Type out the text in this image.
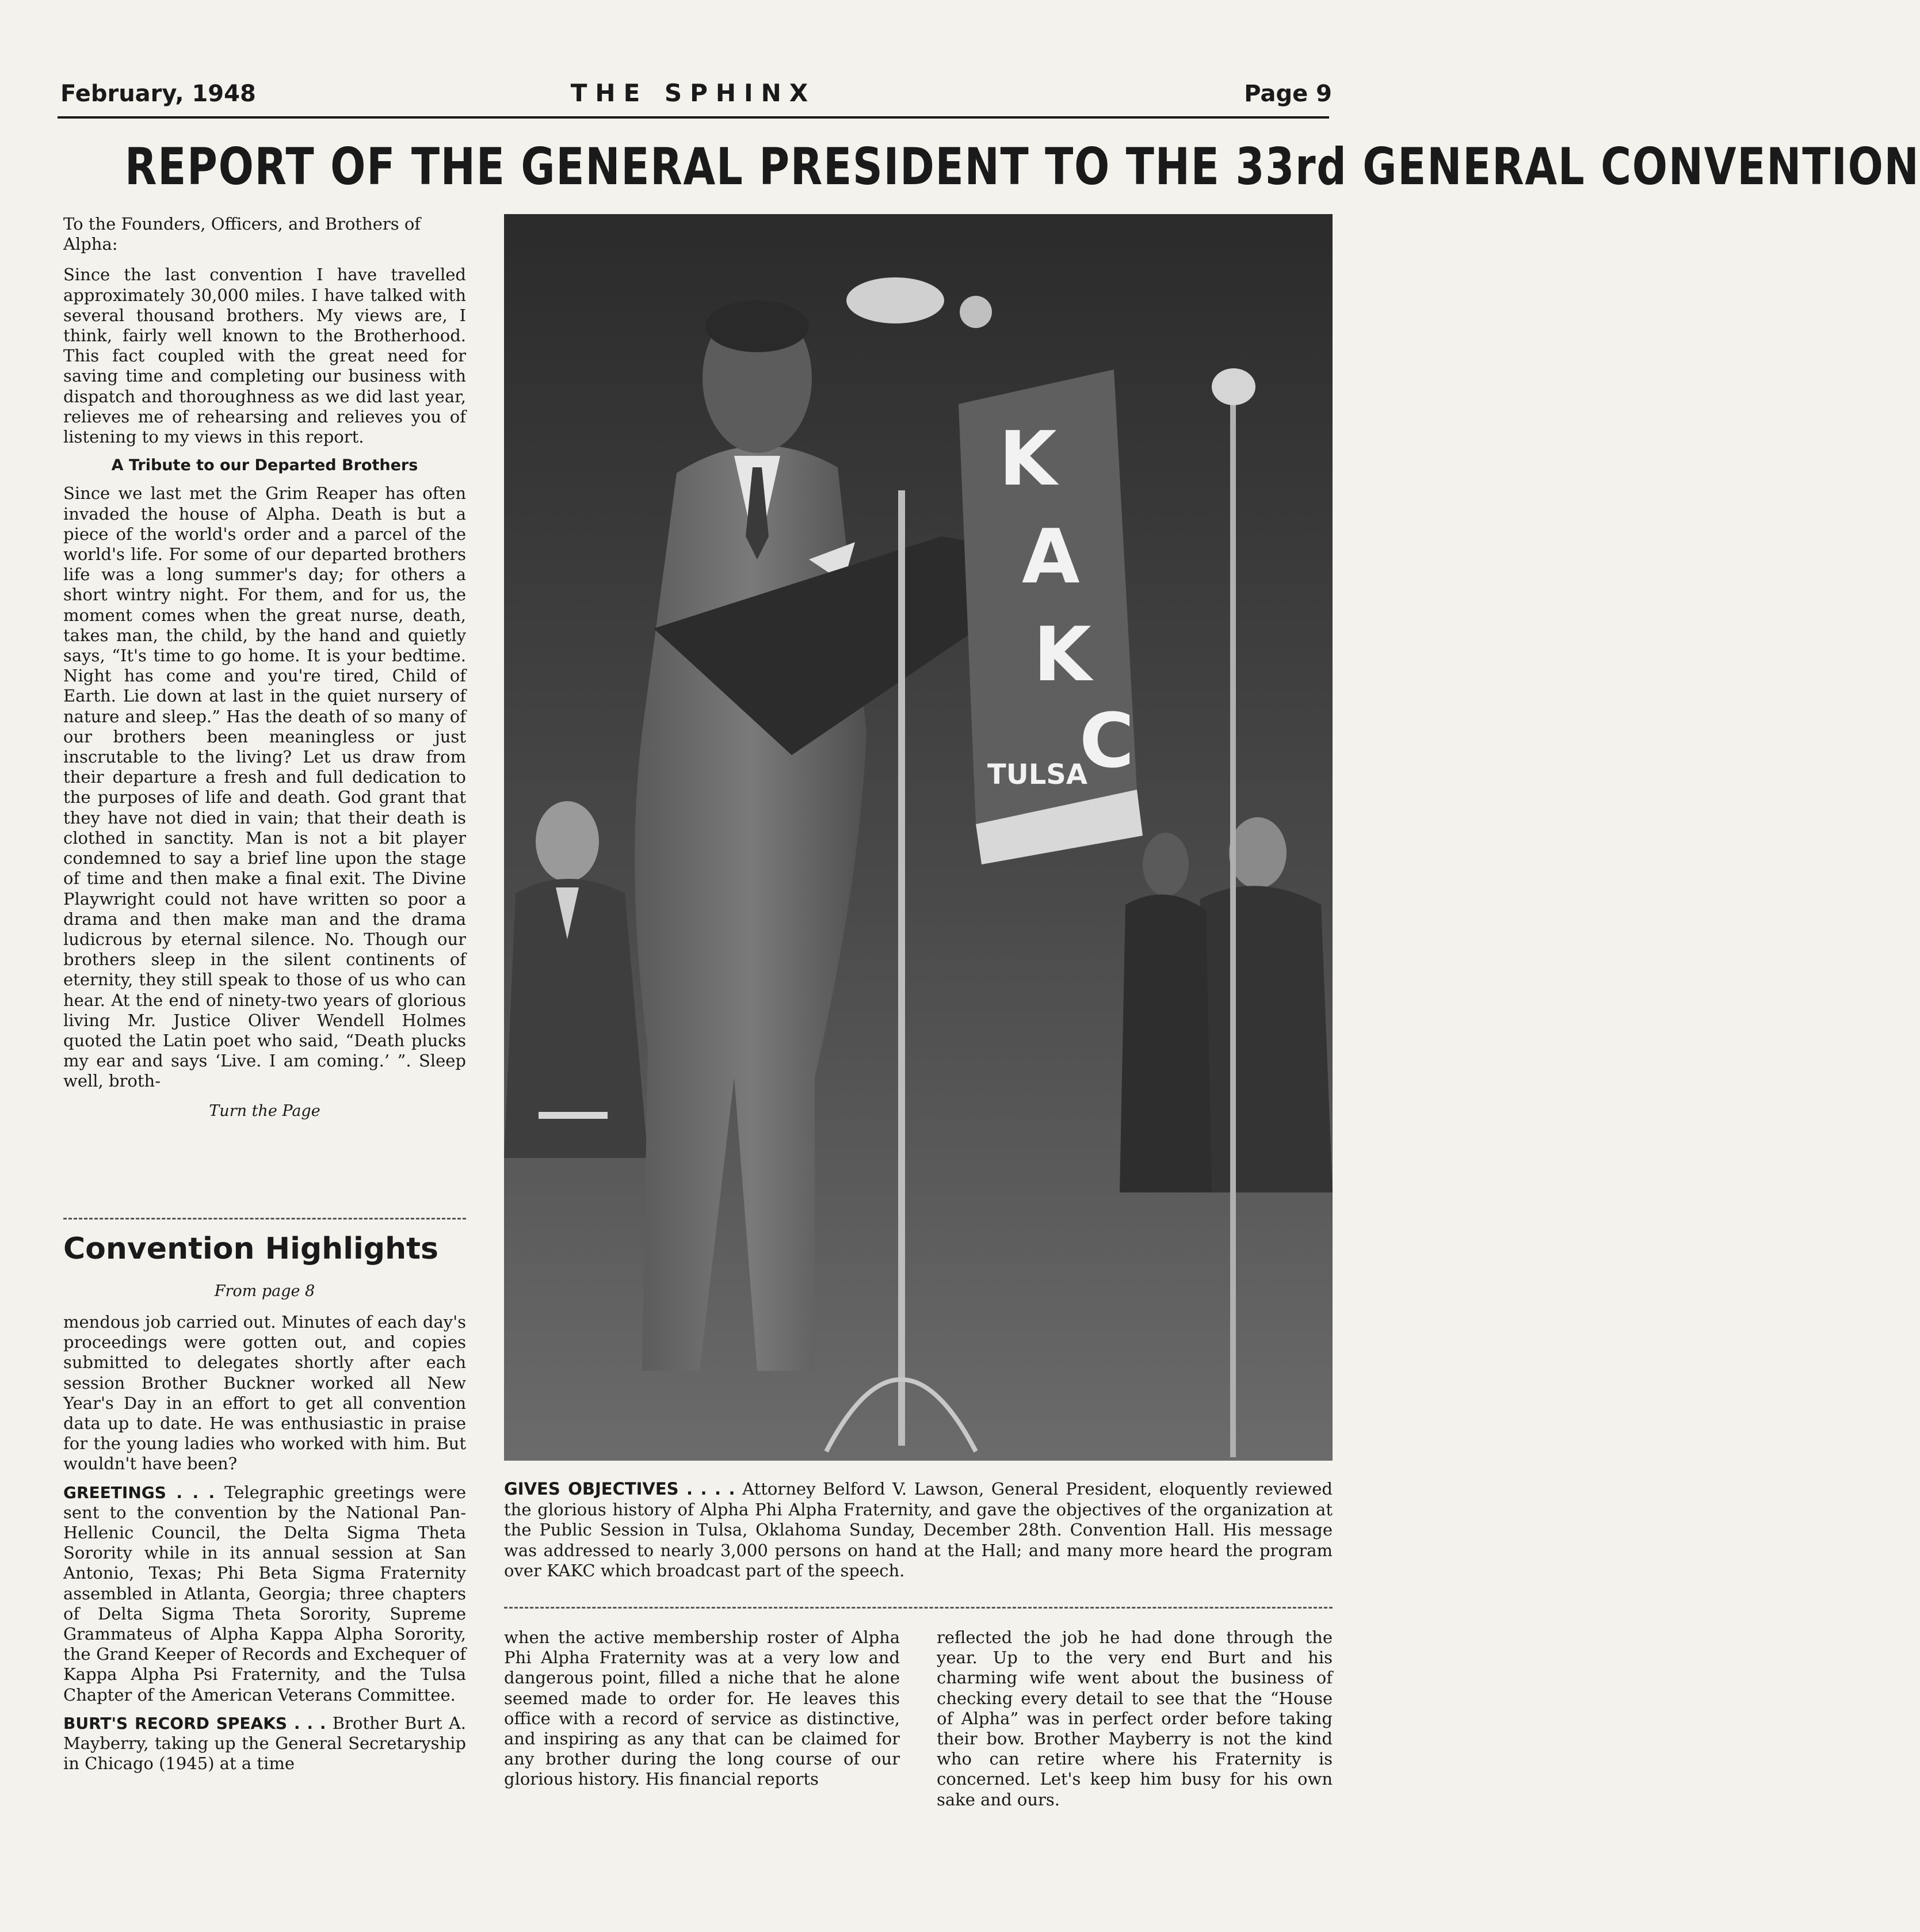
February, 1948	THE SPHINX	Page 9
REPORT OF THE GENERAL PRESIDENT TO THE 33rd GENERAL CONVENTION

To the Founders, Officers, and Brothers of Alpha:

Since the last convention I have travelled approximately 30,000 miles. I have talked with several thousand brothers. My views are, I think, fairly well known to the Brotherhood. This fact coupled with the great need for saving time and completing our business with dispatch and thoroughness as we did last year, relieves me of rehearsing and relieves you of listening to my views in this report.

A Tribute to our Departed Brothers

Since we last met the Grim Reaper has often invaded the house of Alpha. Death is but a piece of the world's order and a parcel of the world's life. For some of our departed brothers life was a long summer's day; for others a short wintry night. For them, and for us, the moment comes when the great nurse, death, takes man, the child, by the hand and quietly says, “It's time to go home. It is your bedtime. Night has come and you're tired, Child of Earth. Lie down at last in the quiet nursery of nature and sleep.” Has the death of so many of our brothers been meaningless or just inscrutable to the living? Let us draw from their departure a fresh and full dedication to the purposes of life and death. God grant that they have not died in vain; that their death is clothed in sanctity. Man is not a bit player condemned to say a brief line upon the stage of time and then make a final exit. The Divine Playwright could not have written so poor a drama and then make man and the drama ludicrous by eternal silence. No. Though our brothers sleep in the silent continents of eternity, they still speak to those of us who can hear. At the end of ninety-two years of glorious living Mr. Justice Oliver Wendell Holmes quoted the Latin poet who said, “Death plucks my ear and says ‘Live. I am coming.’ ”. Sleep well, broth-

Turn the Page
Convention Highlights
From page 8

mendous job carried out. Minutes of each day's proceedings were gotten out, and copies submitted to delegates shortly after each session Brother Buckner worked all New Year's Day in an effort to get all convention data up to date. He was enthusiastic in praise for the young ladies who worked with him. But wouldn't have been?

GREETINGS . . . Telegraphic greetings were sent to the convention by the National Pan-Hellenic Council, the Delta Sigma Theta Sorority while in its annual session at San Antonio, Texas; Phi Beta Sigma Fraternity assembled in Atlanta, Georgia; three chapters of Delta Sigma Theta Sorority, Supreme Grammateus of Alpha Kappa Alpha Sorority, the Grand Keeper of Records and Exchequer of Kappa Alpha Psi Fraternity, and the Tulsa Chapter of the American Veterans Committee.

BURT'S RECORD SPEAKS . . . Brother Burt A. Mayberry, taking up the General Secretaryship in Chicago (1945) at a time

K
A
K
C
TULSA
GIVES OBJECTIVES . . . . Attorney Belford V. Lawson, General President, eloquently reviewed the glorious history of Alpha Phi Alpha Fraternity, and gave the objectives of the organization at the Public Session in Tulsa, Oklahoma Sunday, December 28th. Convention Hall. His message was addressed to nearly 3,000 persons on hand at the Hall; and many more heard the program over KAKC which broadcast part of the speech.

when the active membership roster of Alpha Phi Alpha Fraternity was at a very low and dangerous point, filled a niche that he alone seemed made to order for. He leaves this office with a record of service as distinctive, and inspiring as any that can be claimed for any brother during the long course of our glorious history. His financial reports

reflected the job he had done through the year. Up to the very end Burt and his charming wife went about the business of checking every detail to see that the “House of Alpha” was in perfect order before taking their bow. Brother Mayberry is not the kind who can retire where his Fraternity is concerned. Let's keep him busy for his own sake and ours.
